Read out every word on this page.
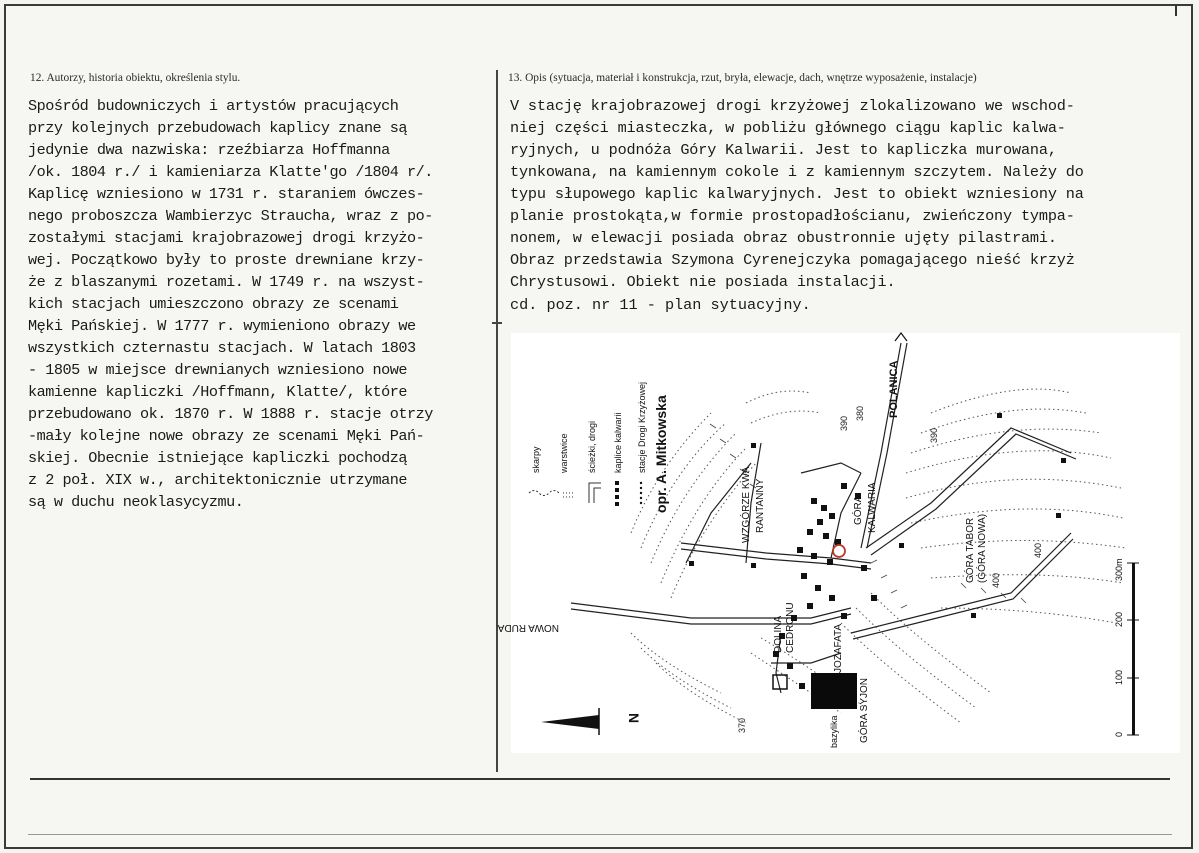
12. Autorzy, historia obiektu, określenia stylu.
Spośród budowniczych i artystów pracujących
przy kolejnych przebudowach kaplicy znane są
jedynie dwa nazwiska: rzeźbiarza Hoffmanna
/ok. 1804 r./ i kamieniarza Klatte'go /1804 r/.
Kaplicę wzniesiono w 1731 r. staraniem ówczes-
nego proboszcza Wambierzyc Straucha, wraz z po-
zostałymi stacjami krajobrazowej drogi krzyżo-
wej. Początkowo były to proste drewniane krzy-
że z blaszanymi rozetami. W 1749 r. na wszyst-
kich stacjach umieszczono obrazy ze scenami
Męki Pańskiej. W 1777 r. wymieniono obrazy we
wszystkich czternastu stacjach. W latach 1803
- 1805 w miejsce drewnianych wzniesiono nowe
kamienne kapliczki /Hoffmann, Klatte/, które
przebudowano ok. 1870 r. W 1888 r. stacje otrzy
-mały kolejne nowe obrazy ze scenami Męki Pań-
skiej. Obecnie istniejące kapliczki pochodzą
z 2 poł. XIX w., architektonicznie utrzymane
są w duchu neoklasycyzmu.
13. Opis (sytuacja, materiał i konstrukcja, rzut, bryła, elewacje, dach, wnętrze wyposażenie, instalacje)
V stację krajobrazowej drogi krzyżowej zlokalizowano we wschod-
niej części miasteczka, w pobliżu głównego ciągu kaplic kalwa-
ryjnych, u podnóża Góry Kalwarii. Jest to kapliczka murowana,
tynkowana, na kamiennym cokole i z kamiennym szczytem. Należy do
typu słupowego kaplic kalwaryjnych. Jest to obiekt wzniesiony na
planie prostokąta,w formie prostopadłościanu, zwieńczony tympa-
nonem, w elewacji posiada obraz obustronnie ujęty pilastrami.
Obraz przedstawia Szymona Cyrenejczyka pomagającego nieść krzyż
Chrystusowi. Obiekt nie posiada instalacji.
cd. poz. nr 11 - plan sytuacyjny.
skarpy warstwice ścieżki, drogi kaplice kalwarii stacje Drogi Krzyżowej opr. A. Mitkowska
POLANICA
NOWA RUDA
WZGÓRZE KWA RANTANNY	GÓRA KALWARIA
GÓRA TABOR (GÓRA NOWA)
DOLINA CEDRONU	JOZAFATA
GÓRA SYJON
bazylika
390
380
390
400
400
370
0
100
200
300m
N
